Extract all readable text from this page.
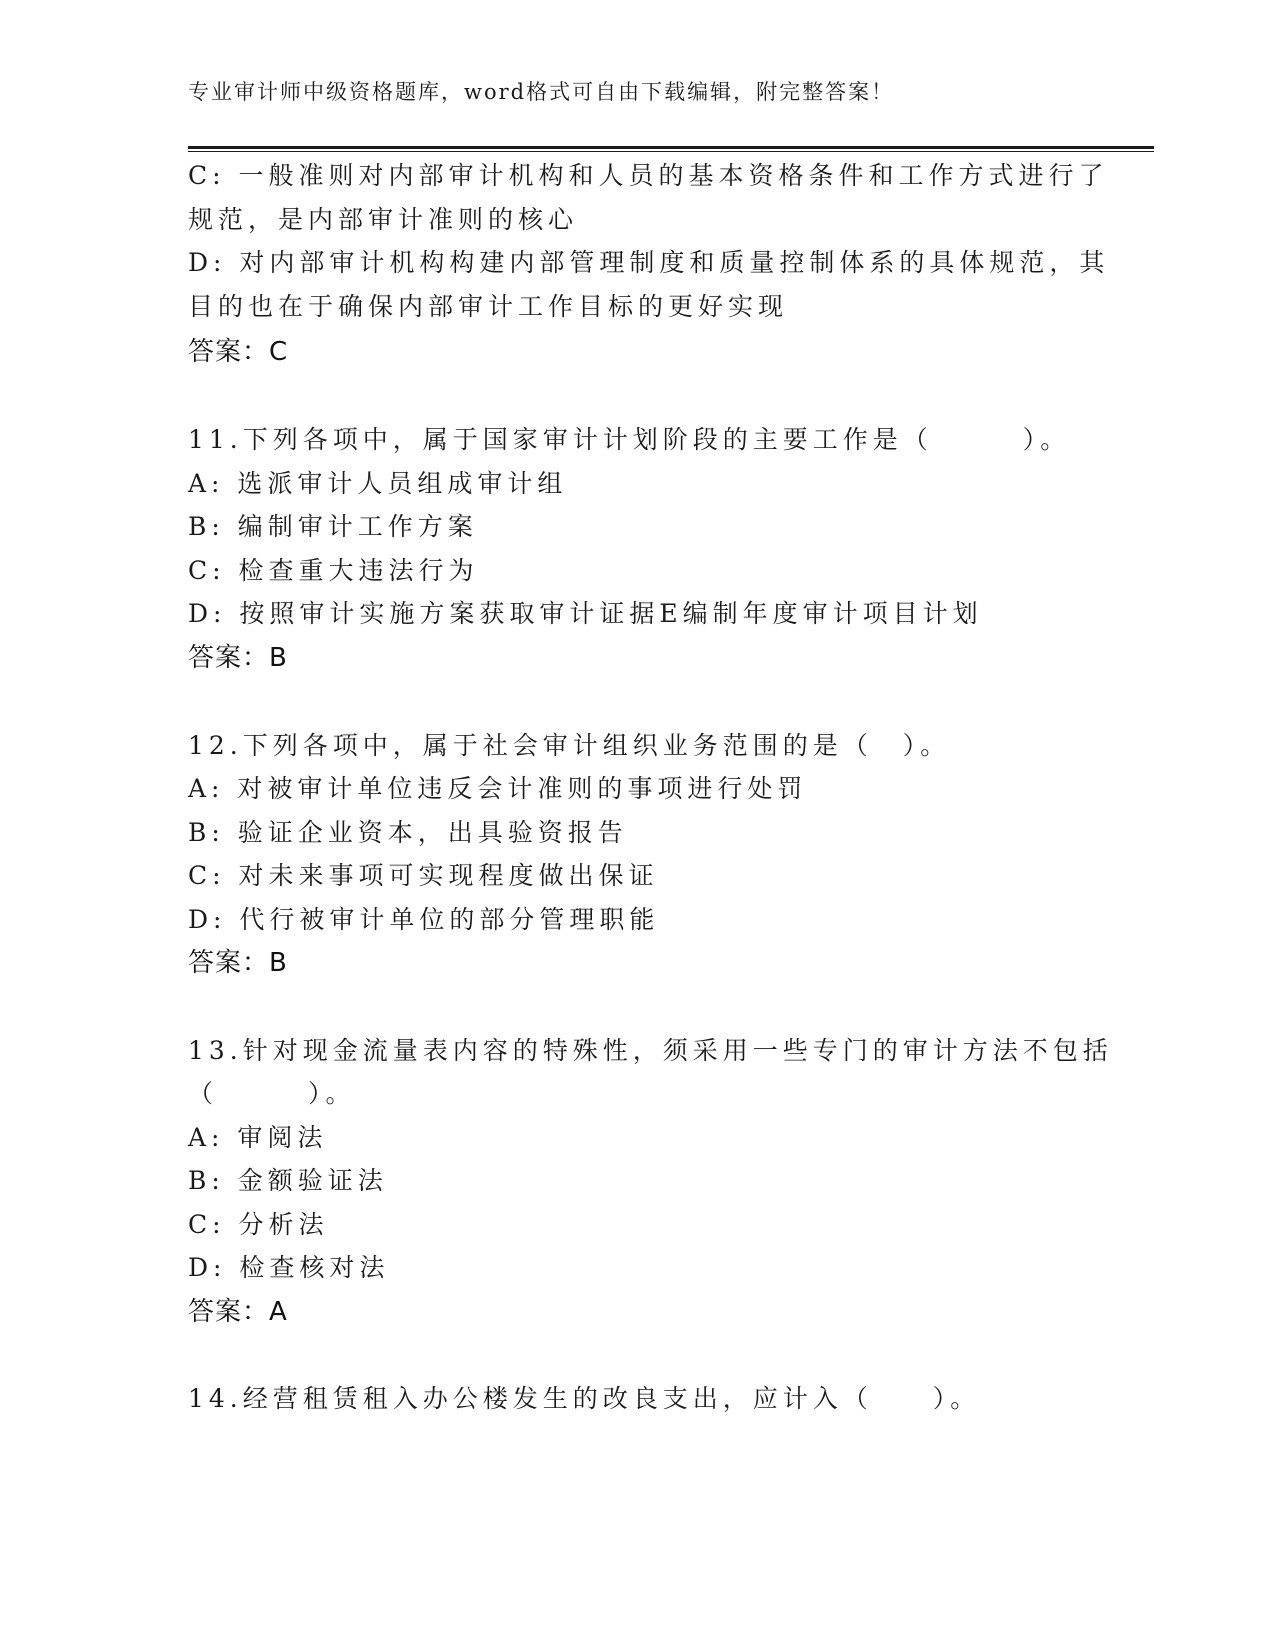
专业审计师中级资格题库，word格式可自由下载编辑，附完整答案！
C: 一般准则对内部审计机构和人员的基本资格条件和工作方式进行了
规范，是内部审计准则的核心
D: 对内部审计机构构建内部管理制度和质量控制体系的具体规范，其
目的也在于确保内部审计工作目标的更好实现
答案：C
11.下列各项中，属于国家审计计划阶段的主要工作是（　　　）。
A: 选派审计人员组成审计组
B: 编制审计工作方案
C: 检查重大违法行为
D: 按照审计实施方案获取审计证据E编制年度审计项目计划
答案：B
12.下列各项中，属于社会审计组织业务范围的是（　）。
A: 对被审计单位违反会计准则的事项进行处罚
B: 验证企业资本，出具验资报告
C: 对未来事项可实现程度做出保证
D: 代行被审计单位的部分管理职能
答案：B
13.针对现金流量表内容的特殊性，须采用一些专门的审计方法不包括
（　　　）。
A: 审阅法
B: 金额验证法
C: 分析法
D: 检查核对法
答案：A
14.经营租赁租入办公楼发生的改良支出，应计入（　　）。
